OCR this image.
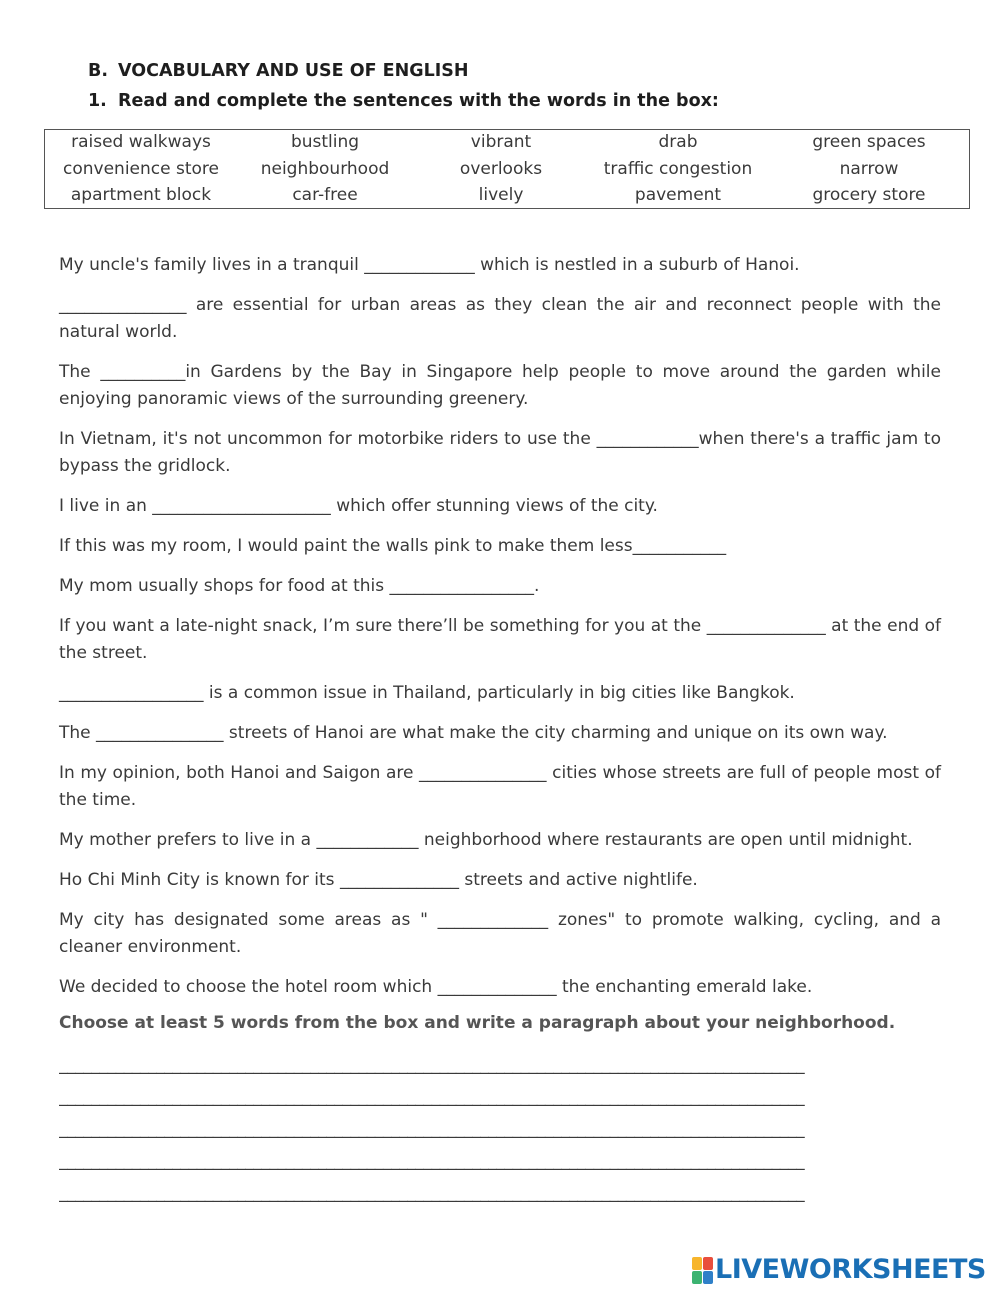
B. VOCABULARY AND USE OF ENGLISH
1. Read and complete the sentences with the words in the box:
raised walkways	bustling	vibrant	drab	green spaces
convenience store	neighbourhood	overlooks	traffic congestion	narrow
apartment block	car-free	lively	pavement	grocery store

My uncle's family lives in a tranquil _____________ which is nestled in a suburb of Hanoi.

_______________ are essential for urban areas as they clean the air and reconnect people with the natural world.

The __________in Gardens by the Bay in Singapore help people to move around the garden while enjoying panoramic views of the surrounding greenery.

In Vietnam, it's not uncommon for motorbike riders to use the ____________when there's a traffic jam to bypass the gridlock.

I live in an _____________________ which offer stunning views of the city.

If this was my room, I would paint the walls pink to make them less___________

My mom usually shops for food at this _________________.

If you want a late-night snack, I’m sure there’ll be something for you at the ______________ at the end of the street.

_________________ is a common issue in Thailand, particularly in big cities like Bangkok.

The _______________ streets of Hanoi are what make the city charming and unique on its own way.

In my opinion, both Hanoi and Saigon are _______________ cities whose streets are full of people most of the time.

My mother prefers to live in a ____________ neighborhood where restaurants are open until midnight.

Ho Chi Minh City is known for its ______________ streets and active nightlife.

My city has designated some areas as " _____________ zones" to promote walking, cycling, and a cleaner environment.

We decided to choose the hotel room which ______________ the enchanting emerald lake.

Choose at least 5 words from the box and write a paragraph about your neighborhood.
____________________________________________________________________________________________
____________________________________________________________________________________________
____________________________________________________________________________________________
____________________________________________________________________________________________
____________________________________________________________________________________________
LIVEWORKSHEETS
